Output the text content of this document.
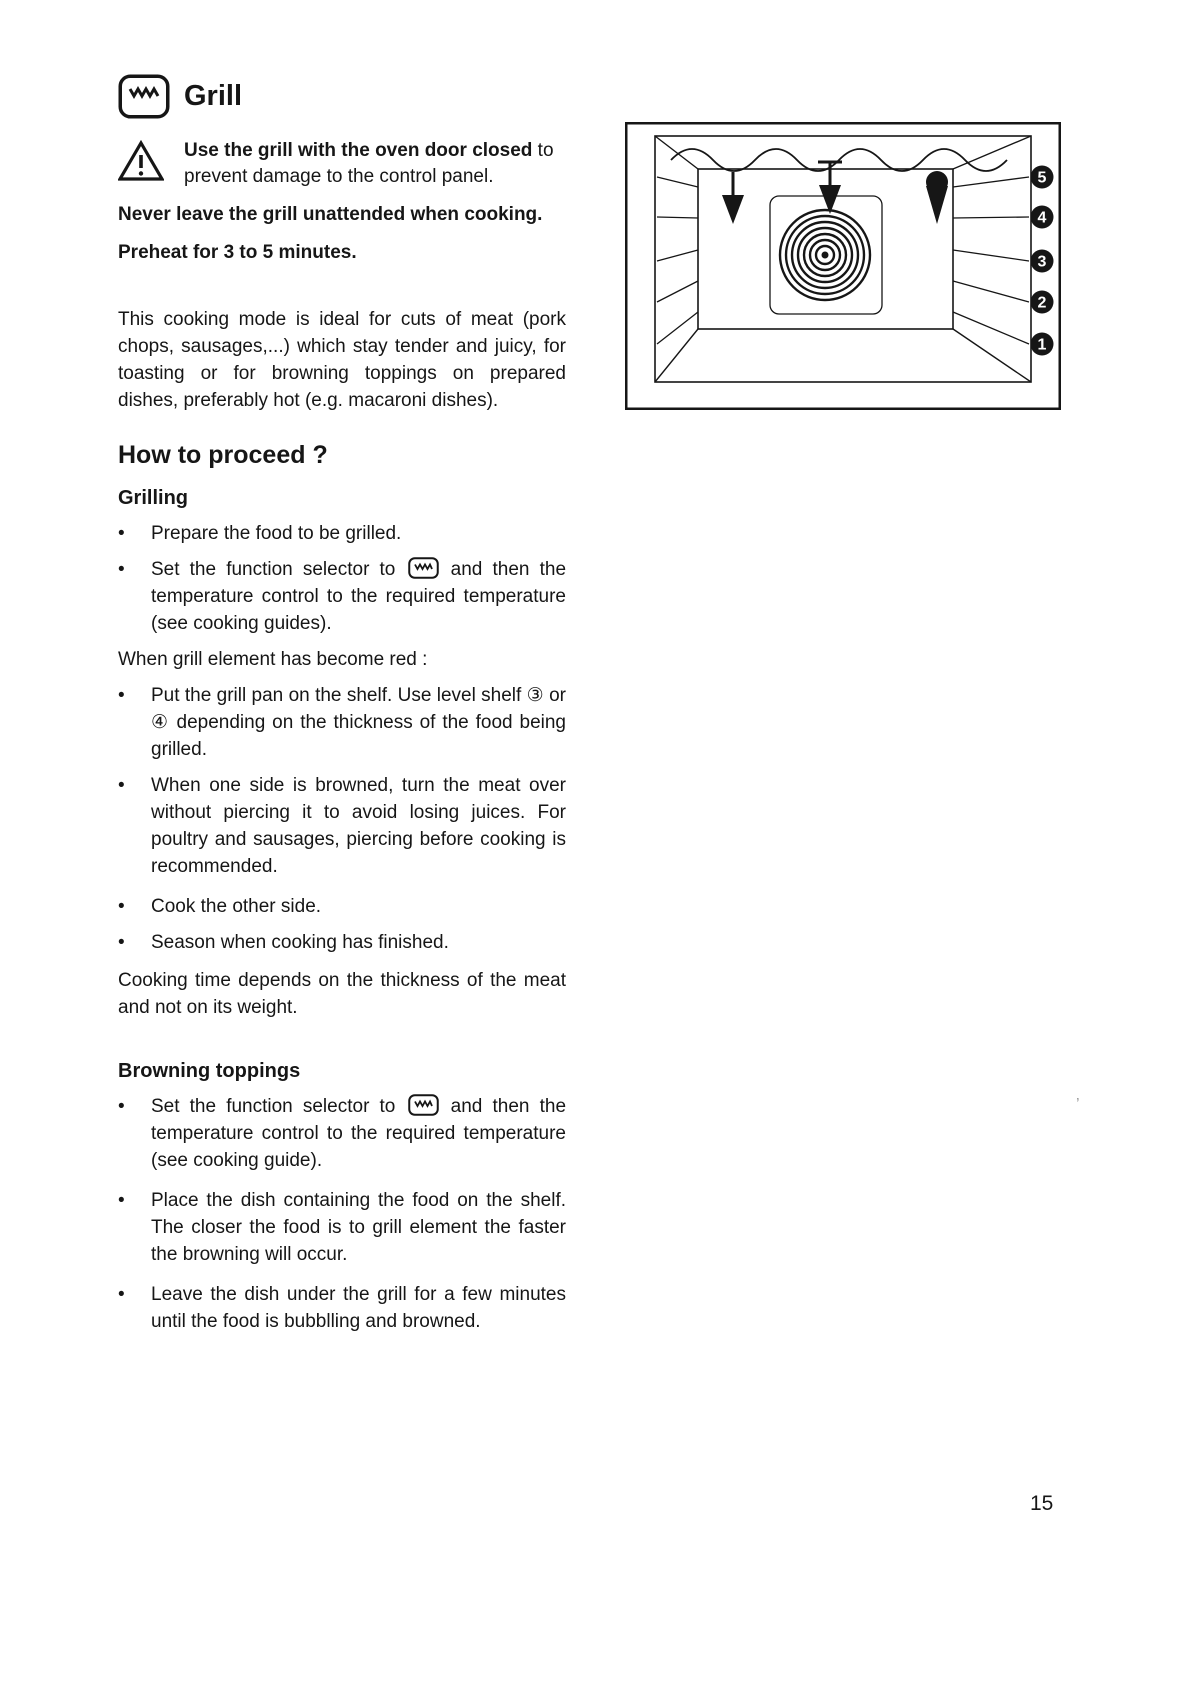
Grill
Use the grill with the oven door closed to prevent damage to the control panel.
Never leave the grill unattended when cooking.
Preheat for 3 to 5 minutes.
This cooking mode is ideal for cuts of meat (pork chops, sausages,...) which stay tender and juicy, for toasting or for browning toppings on prepared dishes, preferably hot (e.g. macaroni dishes).
How to proceed ?
Grilling
•
Prepare the food to be grilled.
•
Set the function selector to	and then the temperature control to the required temperature (see cooking guides).
When grill element has become red :
•
Put the grill pan on the shelf. Use level shelf ③ or ④ depending on the thickness of the food being grilled.
•
When one side is browned, turn the meat over without piercing it to avoid losing juices. For poultry and sausages, piercing before cooking is recommended.
•
Cook the other side.
•
Season when cooking has finished.
Cooking time depends on the thickness of the meat and not on its weight.
Browning toppings
•
Set the function selector to	and then the temperature control to the required temperature (see cooking guide).
•
Place the dish containing the food on the shelf. The closer the food is to grill element the faster the browning will occur.
•
Leave the dish under the grill for a few minutes until the food is bubblling and browned.
5
4
3
2
1
’
15
